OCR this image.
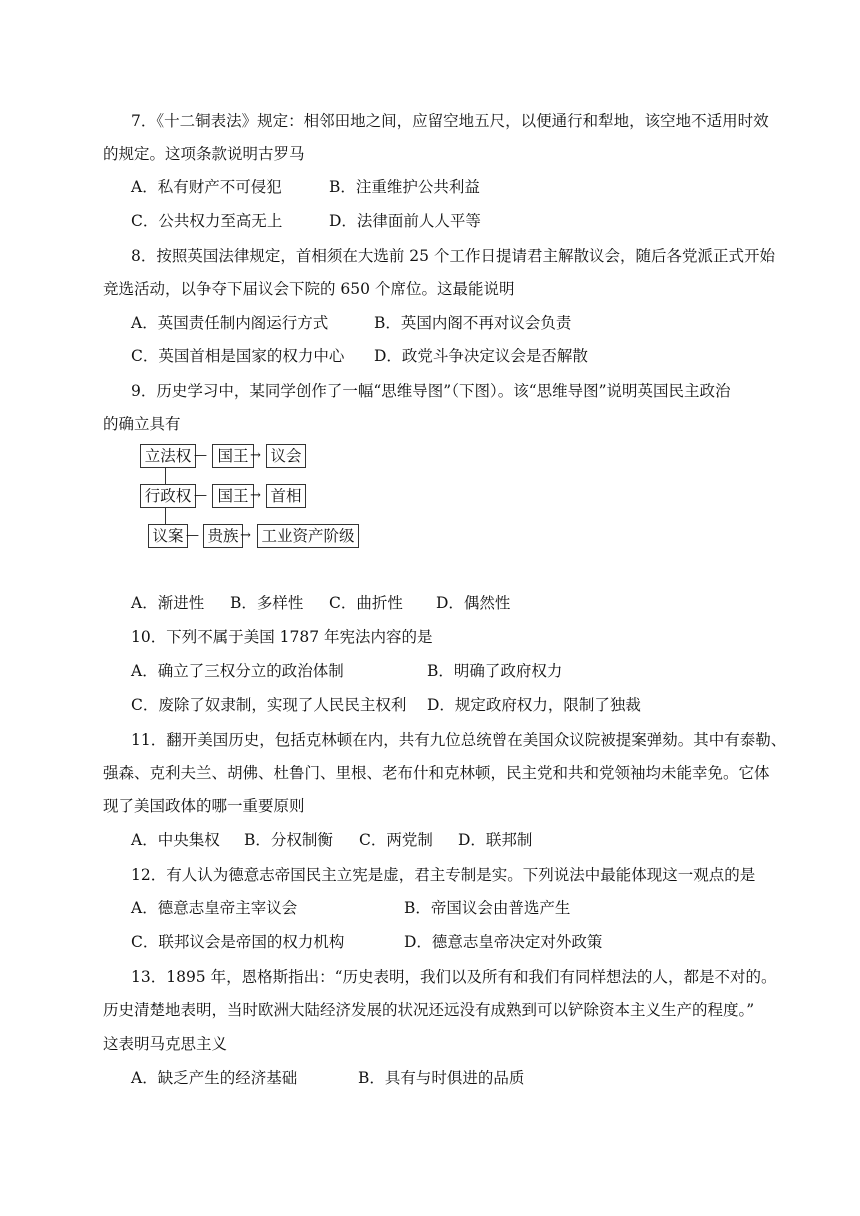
7．《十二铜表法》规定：相邻田地之间，应留空地五尺，以便通行和犁地，该空地不适用时效
的规定。这项条款说明古罗马
A．私有财产不可侵犯	B．注重维护公共利益
C．公共权力至高无上	D．法律面前人人平等
8．按照英国法律规定，首相须在大选前 25 个工作日提请君主解散议会，随后各党派正式开始
竞选活动，以争夺下届议会下院的 650 个席位。这最能说明
A．英国责任制内阁运行方式	B．英国内阁不再对议会负责
C．英国首相是国家的权力中心 D．政党斗争决定议会是否解散
9．历史学习中，某同学创作了一幅“思维导图”（下图）。该“思维导图”说明英国民主政治
的确立具有
立法权 — 国王 → 议会
行政权 — 国王 → 首相
议案 — 贵族 → 工业资产阶级
A．渐进性 B．多样性 C．曲折性 D．偶然性
10．下列不属于美国 1787 年宪法内容的是
A．确立了三权分立的政治体制	B．明确了政府权力
C．废除了奴隶制，实现了人民民主权利 D．规定政府权力，限制了独裁
11．翻开美国历史，包括克林顿在内，共有九位总统曾在美国众议院被提案弹劾。其中有泰勒、
强森、克利夫兰、胡佛、杜鲁门、里根、老布什和克林顿，民主党和共和党领袖均未能幸免。它体
现了美国政体的哪一重要原则
A．中央集权 B．分权制衡 C．两党制 D．联邦制
12．有人认为德意志帝国民主立宪是虚，君主专制是实。下列说法中最能体现这一观点的是
A．德意志皇帝主宰议会	B．帝国议会由普选产生
C．联邦议会是帝国的权力机构	D．德意志皇帝决定对外政策
13．1895 年，恩格斯指出：“历史表明，我们以及所有和我们有同样想法的人，都是不对的。
历史清楚地表明，当时欧洲大陆经济发展的状况还远没有成熟到可以铲除资本主义生产的程度。”
这表明马克思主义
A．缺乏产生的经济基础	B．具有与时俱进的品质
